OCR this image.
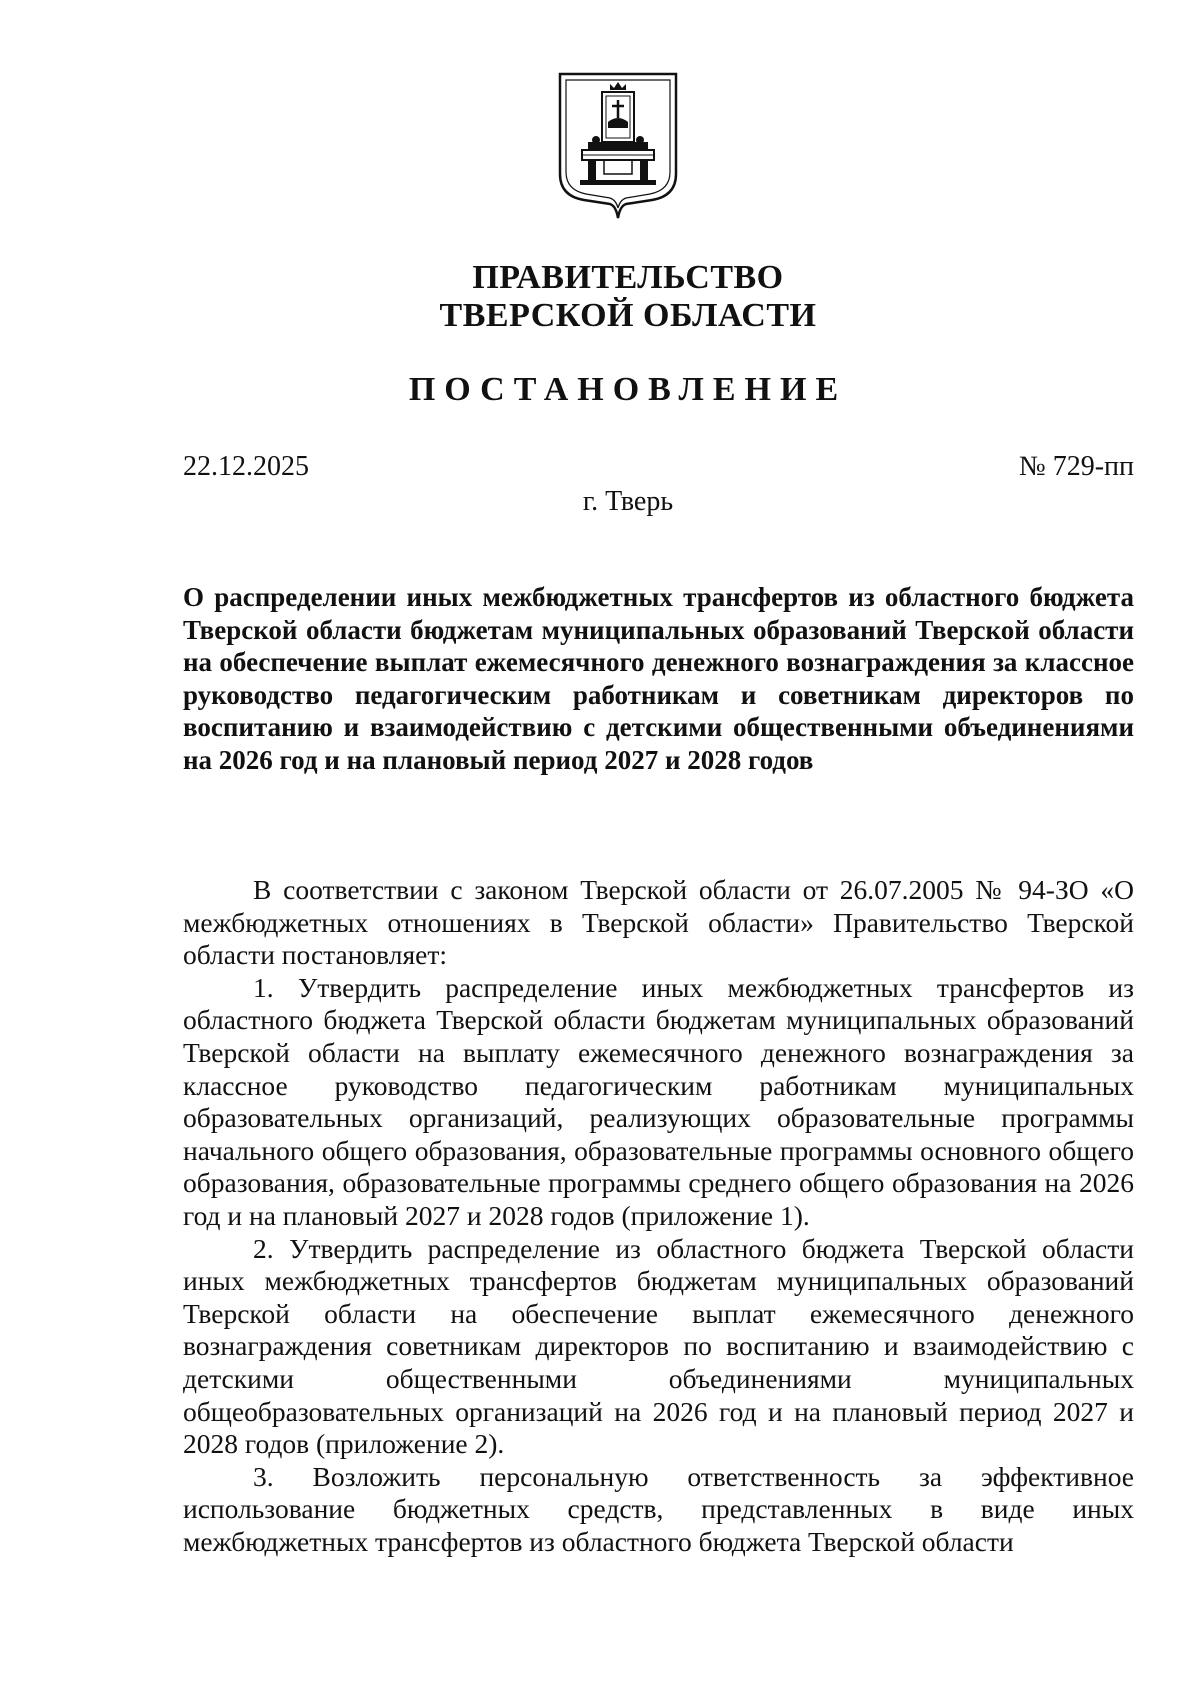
ПРАВИТЕЛЬСТВО
ТВЕРСКОЙ ОБЛАСТИ
ПОСТАНОВЛЕНИЕ
22.12.2025	№ 729-пп
г. Тверь
О распределении иных межбюджетных трансфертов из областного бюджета Тверской области бюджетам муниципальных образований Тверской области на обеспечение выплат ежемесячного денежного вознаграждения за классное руководство педагогическим работникам и советникам директоров по воспитанию и взаимодействию с детскими общественными объединениями на 2026 год и на плановый период 2027 и 2028 годов

В соответствии с законом Тверской области от 26.07.2005 № 94-ЗО «О межбюджетных отношениях в Тверской области» Правительство Тверской области постановляет:

1. Утвердить распределение иных межбюджетных трансфертов из областного бюджета Тверской области бюджетам муниципальных образований Тверской области на выплату ежемесячного денежного вознаграждения за классное руководство педагогическим работникам муниципальных образовательных организаций, реализующих образовательные программы начального общего образования, образовательные программы основного общего образования, образовательные программы среднего общего образования на 2026 год и на плановый 2027 и 2028 годов (приложение 1).

2. Утвердить распределение из областного бюджета Тверской области иных межбюджетных трансфертов бюджетам муниципальных образований Тверской области на обеспечение выплат ежемесячного денежного вознаграждения советникам директоров по воспитанию и взаимодействию с детскими общественными объединениями муниципальных общеобразовательных организаций на 2026 год и на плановый период 2027 и 2028 годов (приложение 2).

3. Возложить персональную ответственность за эффективное использование бюджетных средств, представленных в виде иных межбюджетных трансфертов из областного бюджета Тверской области
